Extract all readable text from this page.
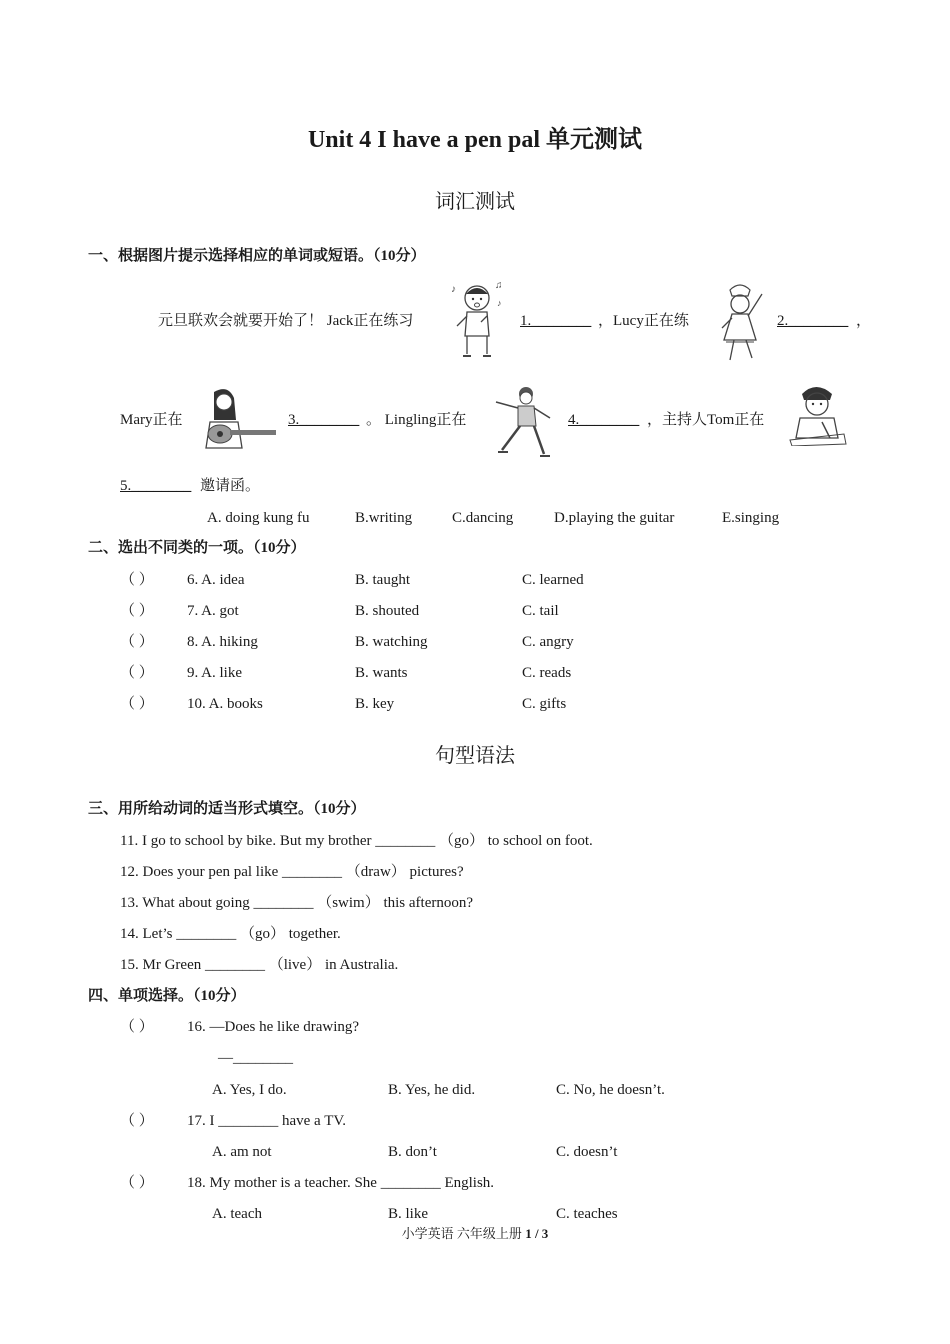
Unit 4 I have a pen pal 单元测试
词汇测试
一、根据图片提示选择相应的单词或短语。（10分）
元旦联欢会就要开始了！ Jack正在练习
♪	♫
♪
1.________ ，Lucy正在练	2.________ ，
Mary正在	3.________ 。 Lingling正在	4.________ ，主持人Tom正在
5.________ 邀请函。
A. doing kung fu	B.writing	C.dancing	D.playing the guitar	E.singing
二、选出不同类的一项。（10分）
（ ） 6. A. idea	B. taught	C. learned
（ ） 7. A. got	B. shouted	C. tail
（ ） 8. A. hiking	B. watching	C. angry
（ ） 9. A. like	B. wants	C. reads
（ ） 10. A. books	B. key	C. gifts
句型语法
三、用所给动词的适当形式填空。（10分）
11. I go to school by bike. But my brother ________ （go） to school on foot.
12. Does your pen pal like ________ （draw） pictures?
13. What about going ________ （swim） this afternoon?
14. Let’s ________ （go） together.
15. Mr Green ________ （live） in Australia.
四、单项选择。（10分）
（ ） 16. —Does he like drawing?
—________
A. Yes, I do.	B. Yes, he did.	C. No, he doesn’t.
（ ） 17. I ________ have a TV.
A. am not	B. don’t	C. doesn’t
（ ） 18. My mother is a teacher. She ________ English.
A. teach	B. like	C. teaches
小学英语 六年级上册 1 / 3
